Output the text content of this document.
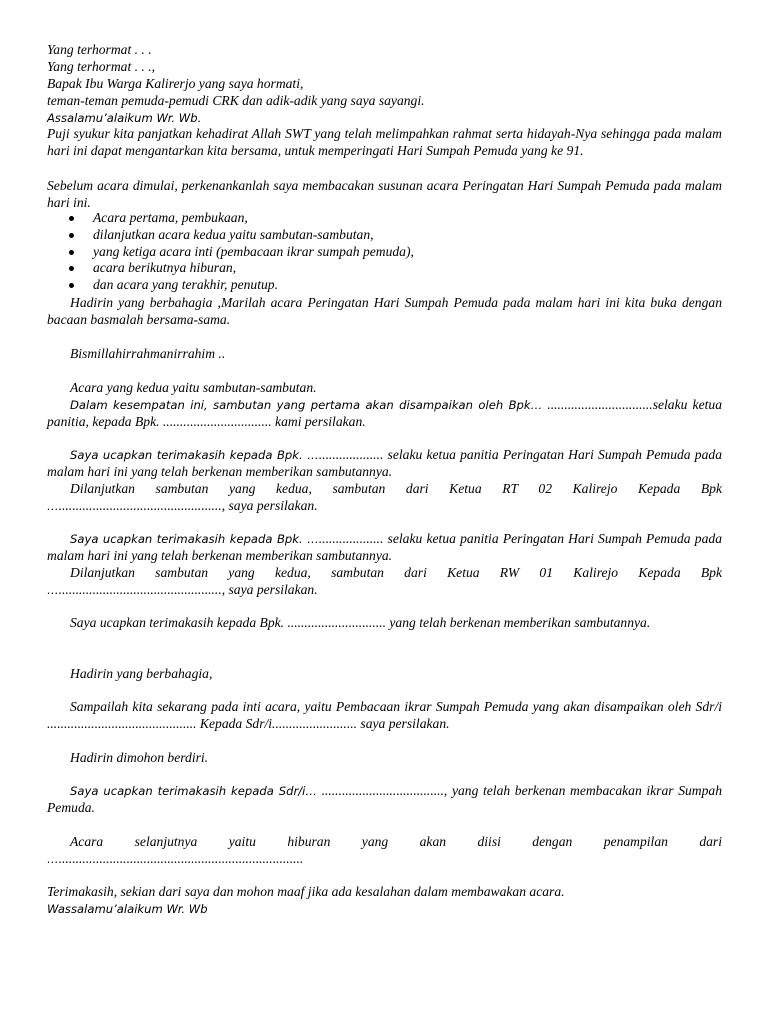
Yang terhormat . . .

Yang terhormat . . .,

Bapak Ibu Warga Kalirerjo yang saya hormati,

teman-teman pemuda-pemudi CRK dan adik-adik yang saya sayangi.

Assalamu’alaikum Wr. Wb.

Puji syukur kita panjatkan kehadirat Allah SWT yang telah melimpahkan rahmat serta hidayah-Nya sehingga pada malam hari ini dapat mengantarkan kita bersama, untuk memperingati Hari Sumpah Pemuda yang ke 91.

Sebelum acara dimulai, perkenankanlah saya membacakan susunan acara Peringatan Hari Sumpah Pemuda pada malam hari ini.

Acara pertama, pembukaan,
dilanjutkan acara kedua yaitu sambutan-sambutan,
yang ketiga acara inti (pembacaan ikrar sumpah pemuda),
acara berikutnya hiburan,
dan acara yang terakhir, penutup.

Hadirin yang berbahagia ,Marilah acara Peringatan Hari Sumpah Pemuda pada malam hari ini kita buka dengan bacaan basmalah bersama-sama.

Bismillahirrahmanirrahim ..

Acara yang kedua yaitu sambutan-sambutan.

Dalam kesempatan ini, sambutan yang pertama akan disampaikan oleh Bpk… ...............................selaku ketua panitia, kepada Bpk. ................................ kami persilakan.

Saya ucapkan terimakasih kepada Bpk. …................... selaku ketua panitia Peringatan Hari Sumpah Pemuda pada malam hari ini yang telah berkenan memberikan sambutannya.

Dilanjutkan sambutan yang kedua, sambutan dari Ketua RT 02 Kalirejo Kepada Bpk

…................................................, saya persilakan.

Saya ucapkan terimakasih kepada Bpk. …................... selaku ketua panitia Peringatan Hari Sumpah Pemuda pada malam hari ini yang telah berkenan memberikan sambutannya.

Dilanjutkan sambutan yang kedua, sambutan dari Ketua RW 01 Kalirejo Kepada Bpk

…................................................, saya persilakan.

Saya ucapkan terimakasih kepada Bpk. ............................. yang telah berkenan memberikan sambutannya.

Hadirin yang berbahagia,

Sampailah kita sekarang pada inti acara, yaitu Pembacaan ikrar Sumpah Pemuda yang akan disampaikan oleh Sdr/i ............................................ Kepada Sdr/i......................... saya persilakan.

Hadirin dimohon berdiri.

Saya ucapkan terimakasih kepada Sdr/i… ...................................., yang telah berkenan membacakan ikrar Sumpah Pemuda.

Acara selanjutnya yaitu hiburan yang akan diisi dengan penampilan dari

…........................................................................

Terimakasih, sekian dari saya dan mohon maaf jika ada kesalahan dalam membawakan acara.

Wassalamu’alaikum Wr. Wb
